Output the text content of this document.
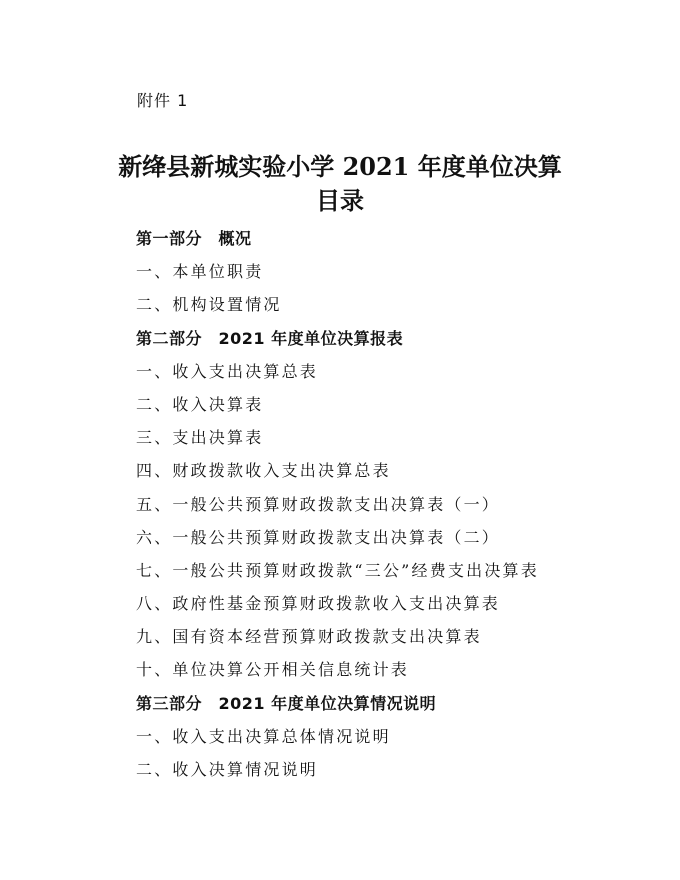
附件 1
新绛县新城实验小学 2021 年度单位决算
目录
第一部分　概况
一、本单位职责
二、机构设置情况
第二部分　2021 年度单位决算报表
一、收入支出决算总表
二、收入决算表
三、支出决算表
四、财政拨款收入支出决算总表
五、一般公共预算财政拨款支出决算表（一）
六、一般公共预算财政拨款支出决算表（二）
七、一般公共预算财政拨款“三公”经费支出决算表
八、政府性基金预算财政拨款收入支出决算表
九、国有资本经营预算财政拨款支出决算表
十、单位决算公开相关信息统计表
第三部分　2021 年度单位决算情况说明
一、收入支出决算总体情况说明
二、收入决算情况说明
